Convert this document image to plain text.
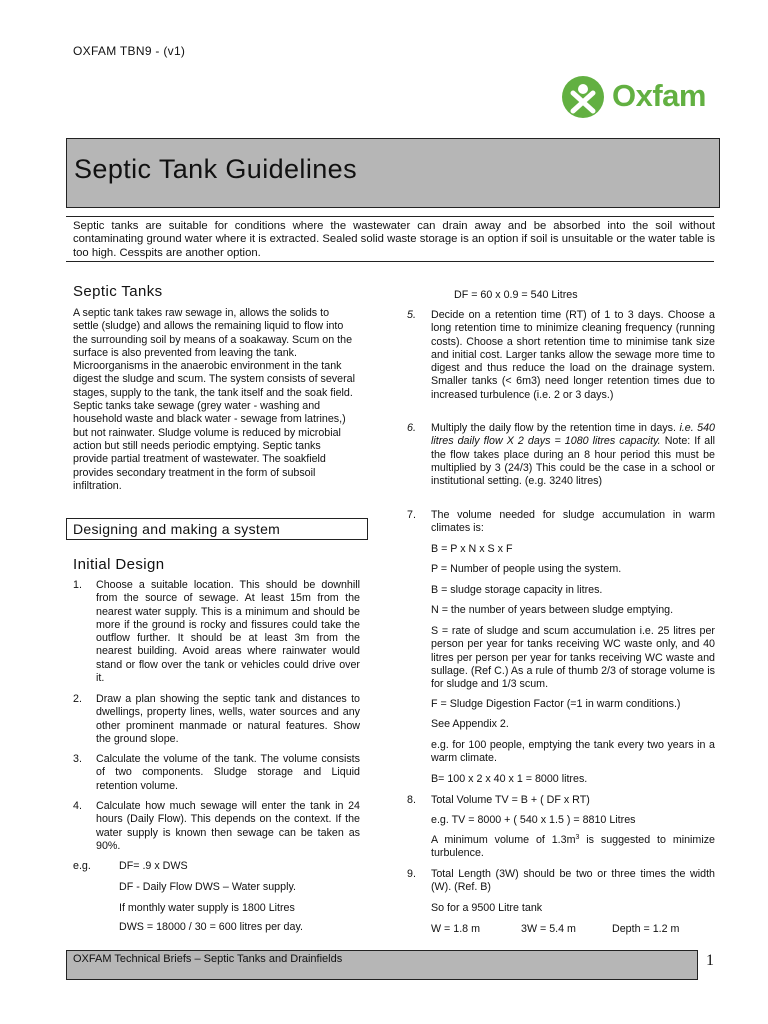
OXFAM TBN9 - (v1)
Oxfam
Septic Tank Guidelines
Septic tanks are suitable for conditions where the wastewater can drain away and be absorbed into the soil without contaminating ground water where it is extracted. Sealed solid waste storage is an option if soil is unsuitable or the water table is too high. Cesspits are another option.
Septic Tanks
A septic tank takes raw sewage in, allows the solids to settle (sludge) and allows the remaining liquid to flow into the surrounding soil by means of a soakaway. Scum on the surface is also prevented from leaving the tank. Microorganisms in the anaerobic environment in the tank digest the sludge and scum. The system consists of several stages, supply to the tank, the tank itself and the soak field. Septic tanks take sewage (grey water - washing and household waste and black water - sewage from latrines,) but not rainwater. Sludge volume is reduced by microbial action but still needs periodic emptying. Septic tanks provide partial treatment of wastewater. The soakfield provides secondary treatment in the form of subsoil infiltration.
Designing and making a system
Initial Design
1. Choose a suitable location. This should be downhill from the source of sewage. At least 15m from the nearest water supply. This is a minimum and should be more if the ground is rocky and fissures could take the outflow further. It should be at least 3m from the nearest building. Avoid areas where rainwater would stand or flow over the tank or vehicles could drive over it.
2. Draw a plan showing the septic tank and distances to dwellings, property lines, wells, water sources and any other prominent manmade or natural features. Show the ground slope.
3. Calculate the volume of the tank. The volume consists of two components. Sludge storage and Liquid retention volume.
4. Calculate how much sewage will enter the tank in 24 hours (Daily Flow). This depends on the context. If the water supply is known then sewage can be taken as 90%.
e.g.	DF= .9 x DWS
DF - Daily Flow DWS – Water supply.
If monthly water supply is 1800 Litres
DWS = 18000 / 30 = 600 litres per day.
DF = 60 x 0.9 = 540 Litres
5. Decide on a retention time (RT) of 1 to 3 days. Choose a long retention time to minimize cleaning frequency (running costs). Choose a short retention time to minimise tank size and initial cost. Larger tanks allow the sewage more time to digest and thus reduce the load on the drainage system. Smaller tanks (< 6m3) need longer retention times due to increased turbulence (i.e. 2 or 3 days.)
6. Multiply the daily flow by the retention time in days. i.e. 540 litres daily flow X 2 days = 1080 litres capacity. Note: If all the flow takes place during an 8 hour period this must be multiplied by 3 (24/3) This could be the case in a school or institutional setting. (e.g. 3240 litres)
7. The volume needed for sludge accumulation in warm climates is:
B = P x N x S x F
P = Number of people using the system.
B = sludge storage capacity in litres.
N = the number of years between sludge emptying.
S = rate of sludge and scum accumulation i.e. 25 litres per person per year for tanks receiving WC waste only, and 40 litres per person per year for tanks receiving WC waste and sullage. (Ref C.) As a rule of thumb 2/3 of storage volume is for sludge and 1/3 scum.
F = Sludge Digestion Factor (=1 in warm conditions.)
See Appendix 2.
e.g. for 100 people, emptying the tank every two years in a warm climate.
B= 100 x 2 x 40 x 1 = 8000 litres.
8. Total Volume TV = B + ( DF x RT)
e.g. TV = 8000 + ( 540 x 1.5 ) = 8810 Litres
A minimum volume of $1.3m^3$ is suggested to minimize turbulence.
9. Total Length (3W) should be two or three times the width (W). (Ref. B)
So for a 9500 Litre tank
W = 1.8 m	3W = 5.4 m	Depth = 1.2 m
OXFAM Technical Briefs – Septic Tanks and Drainfields	1
